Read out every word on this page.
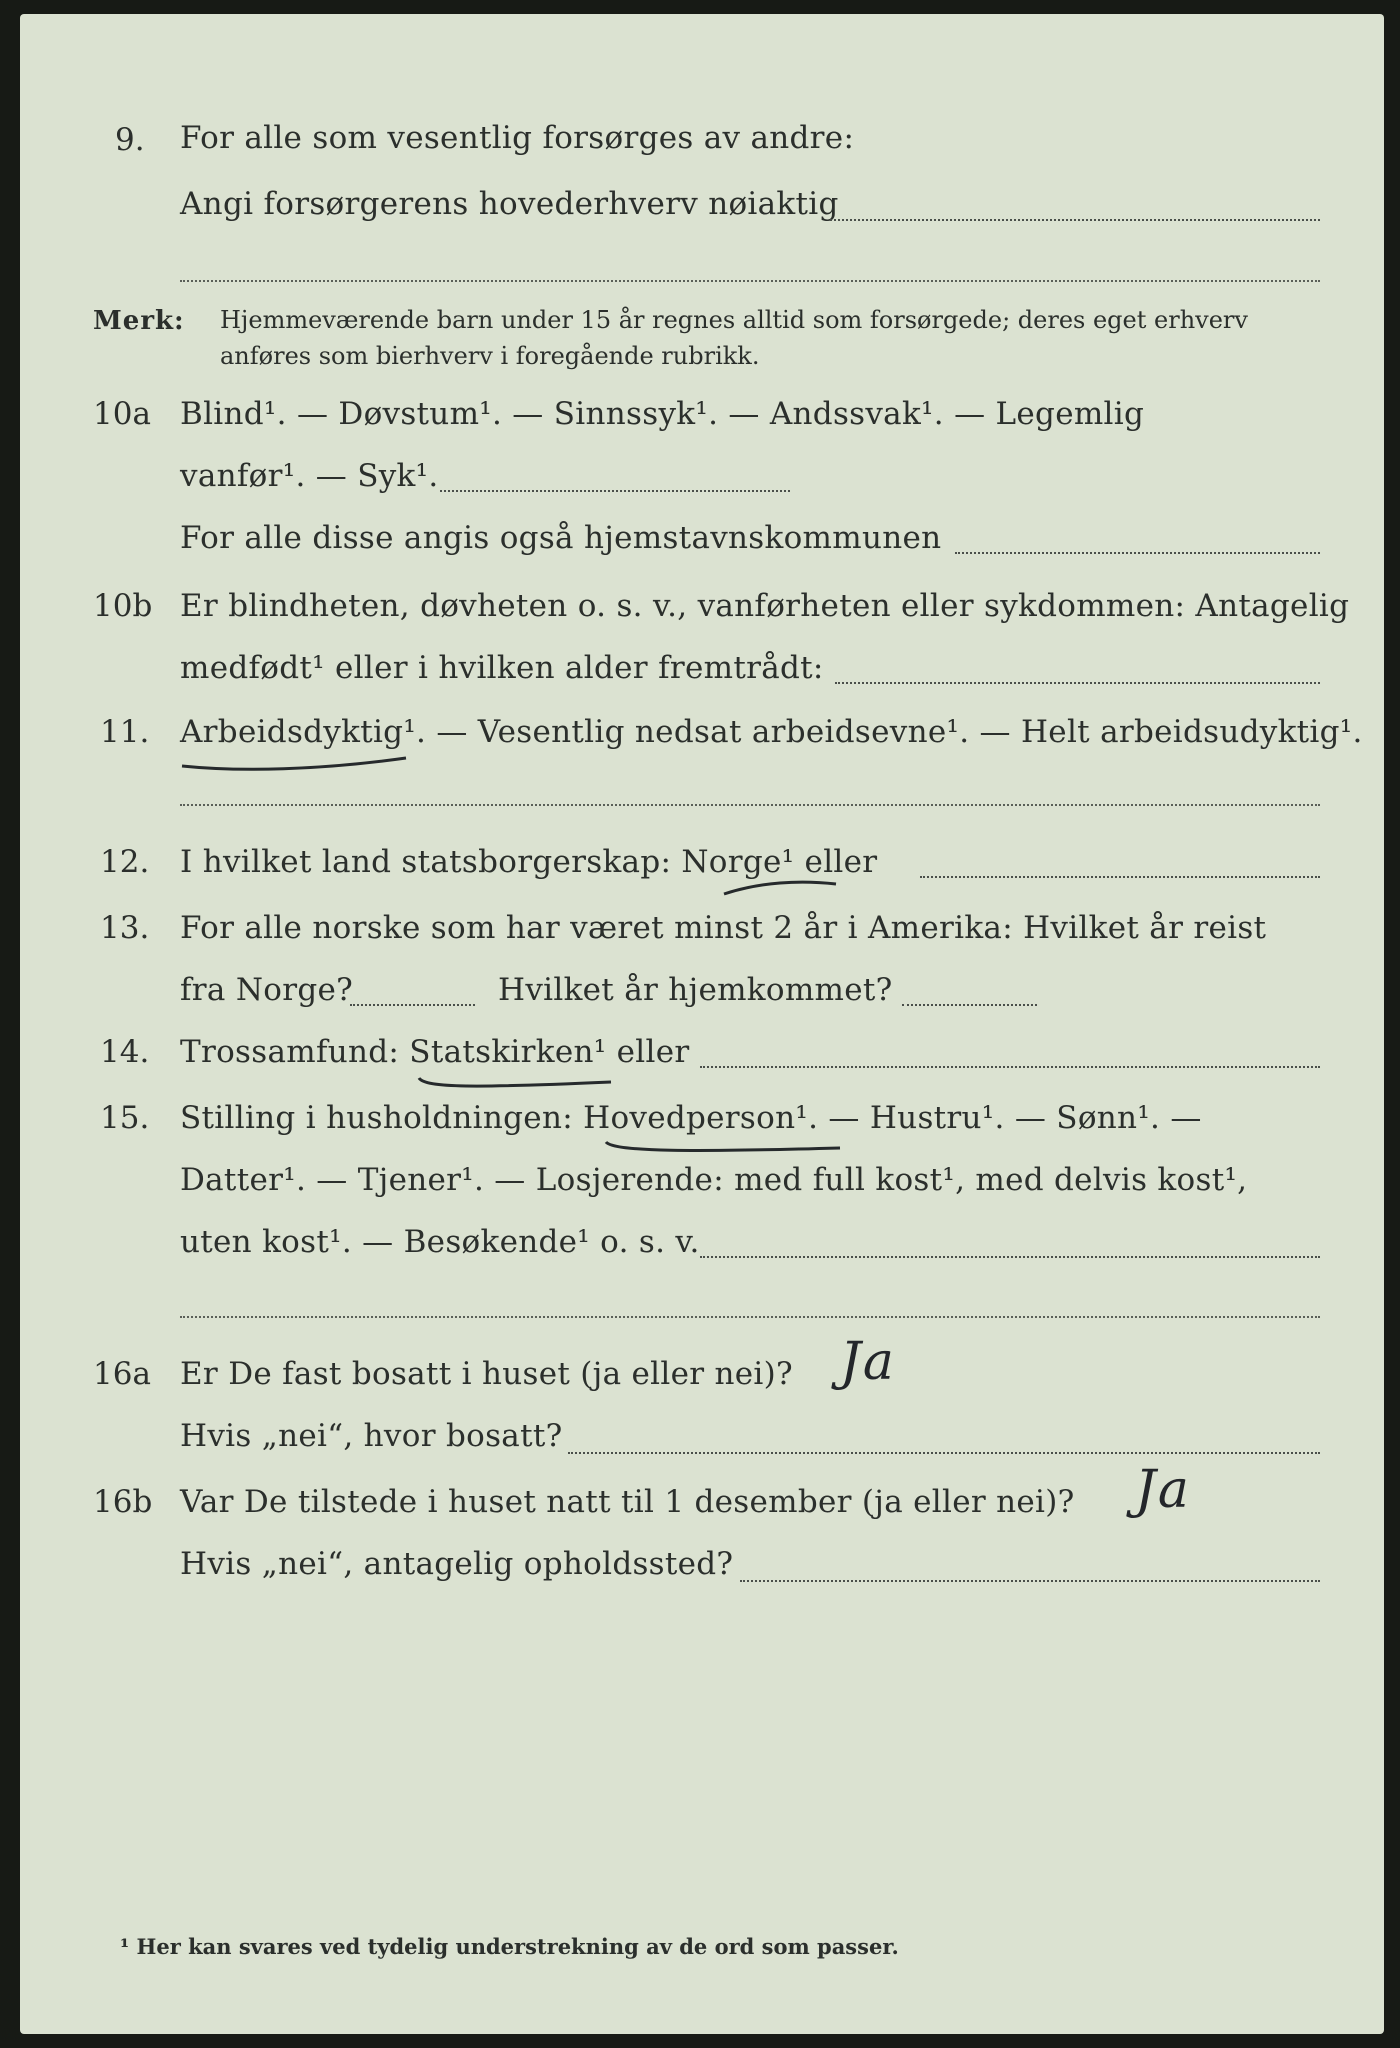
9. For alle som vesentlig forsørges av andre:
Angi forsørgerens hovederhverv nøiaktig
Merk: Hjemmeværende barn under 15 år regnes alltid som forsørgede; deres eget erhverv
anføres som bierhverv i foregående rubrikk.
10a Blind¹. — Døvstum¹. — Sinnssyk¹. — Andssvak¹. — Legemlig
vanfør¹. — Syk¹.
For alle disse angis også hjemstavnskommunen
10b Er blindheten, døvheten o. s. v., vanførheten eller sykdommen: Antagelig
medfødt¹ eller i hvilken alder fremtrådt:
11. Arbeidsdyktig¹. — Vesentlig nedsat arbeidsevne¹. — Helt arbeidsudyktig¹.
12. I hvilket land statsborgerskap: Norge¹ eller
13. For alle norske som har været minst 2 år i Amerika: Hvilket år reist
fra Norge?	Hvilket år hjemkommet?
14. Trossamfund: Statskirken¹ eller
15. Stilling i husholdningen: Hovedperson¹. — Hustru¹. — Sønn¹. —
Datter¹. — Tjener¹. — Losjerende: med full kost¹, med delvis kost¹,
uten kost¹. — Besøkende¹ o. s. v.
16a Er De fast bosatt i huset (ja eller nei)? Ja
Hvis „nei“, hvor bosatt?
16b Var De tilstede i huset natt til 1 desember (ja eller nei)? Ja
Hvis „nei“, antagelig opholdssted?
¹ Her kan svares ved tydelig understrekning av de ord som passer.
